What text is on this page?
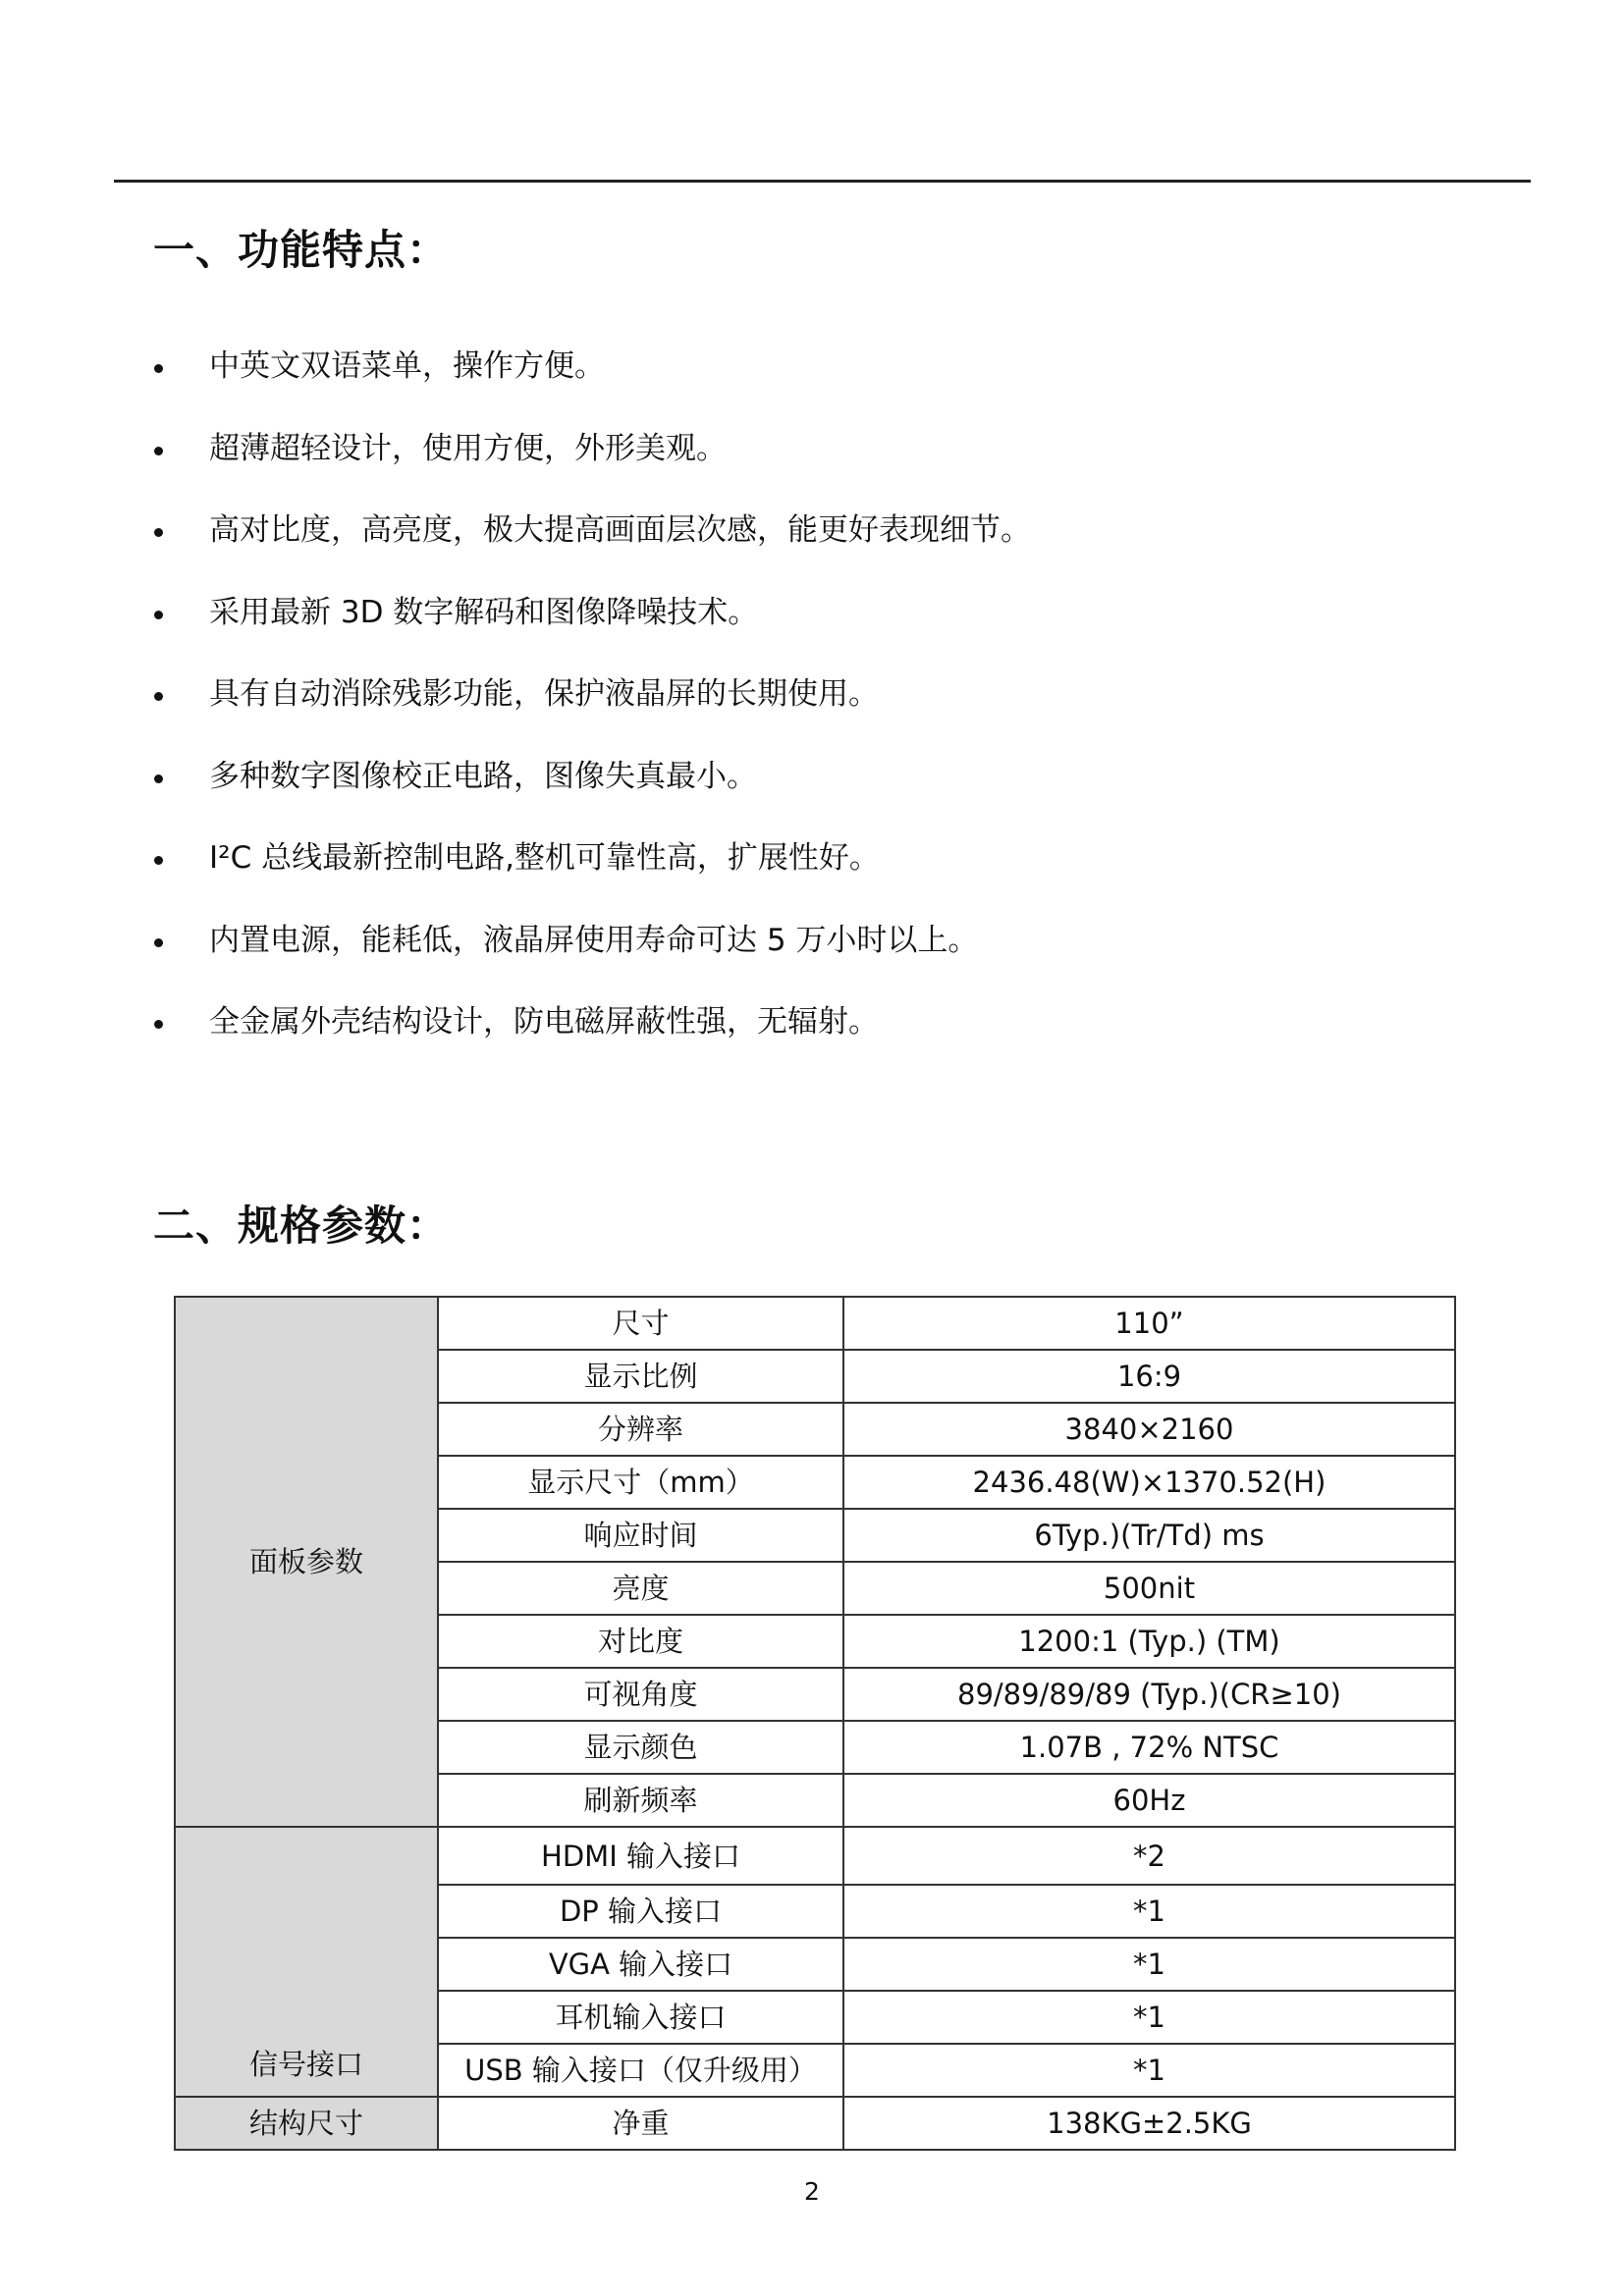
一、功能特点：
中英文双语菜单，操作方便。
超薄超轻设计，使用方便，外形美观。
高对比度，高亮度，极大提高画面层次感，能更好表现细节。
采用最新 3D 数字解码和图像降噪技术。
具有自动消除残影功能，保护液晶屏的长期使用。
多种数字图像校正电路，图像失真最小。
I²C 总线最新控制电路,整机可靠性高，扩展性好。
内置电源，能耗低，液晶屏使用寿命可达 5 万小时以上。
全金属外壳结构设计，防电磁屏蔽性强，无辐射。
二、规格参数：
面板参数	尺寸	110”
	显示比例	16:9
	分辨率	3840×2160
	显示尺寸（mm）	2436.48(W)×1370.52(H)
	响应时间	6Typ.)(Tr/Td) ms
	亮度	500nit
	对比度	1200:1 (Typ.) (TM)
	可视角度	89/89/89/89 (Typ.)(CR≥10)
	显示颜色	1.07B , 72% NTSC
	刷新频率	60Hz
信号接口	HDMI 输入接口	*2
	DP 输入接口	*1
	VGA 输入接口	*1
	耳机输入接口	*1
	USB 输入接口（仅升级用）	*1
结构尺寸	净重	138KG±2.5KG
2
